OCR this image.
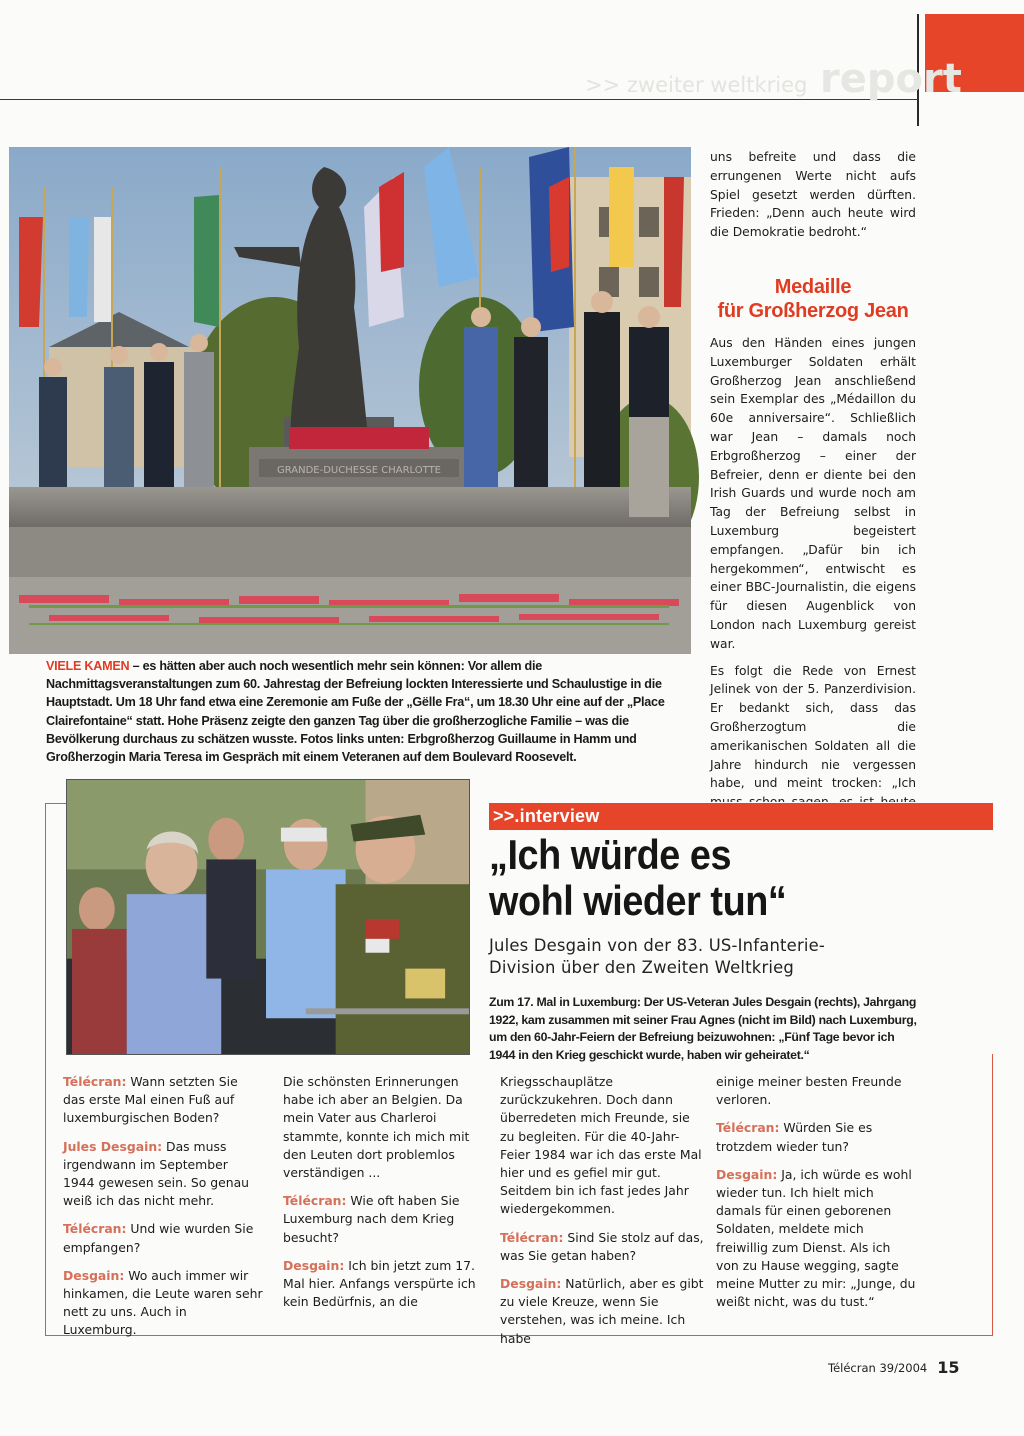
>> zweiter weltkrieg report
GRANDE-DUCHESSE CHARLOTTE

VIELE KAMEN – es hätten aber auch noch wesentlich mehr sein können: Vor allem die Nachmittagsveranstaltungen zum 60. Jahrestag der Befreiung lockten Interessierte und Schaulustige in die Hauptstadt. Um 18 Uhr fand etwa eine Zeremonie am Fuße der „Gëlle Fra“, um 18.30 Uhr eine auf der „Place Clairefontaine“ statt. Hohe Präsenz zeigte den ganzen Tag über die großherzogliche Familie – was die Bevölkerung durchaus zu schätzen wusste. Fotos links unten: Erbgroßherzog Guillaume in Hamm und Großherzogin Maria Teresa im Gespräch mit einem Veteranen auf dem Boulevard Roosevelt.

uns befreite und dass die errungenen Werte nicht aufs Spiel gesetzt werden dürften. Frieden: „Denn auch heute wird die Demokratie bedroht.“

Medaille
für Großherzog Jean

Aus den Händen eines jungen Luxemburger Soldaten erhält Großherzog Jean anschließend sein Exemplar des „Médaillon du 60e anniversaire“. Schließlich war Jean – damals noch Erbgroßherzog – einer der Befreier, denn er diente bei den Irish Guards und wurde noch am Tag der Befreiung selbst in Luxemburg begeistert empfangen. „Dafür bin ich hergekommen“, entwischt es einer BBC-Journalistin, die eigens für diesen Augenblick von London nach Luxemburg gereist war.

Es folgt die Rede von Ernest Jelinek von der 5. Panzerdivision. Er bedankt sich, dass das Großherzogtum die amerikanischen Soldaten all die Jahre hindurch nie vergessen habe, und meint trocken: „Ich

>>.interview
„Ich würde es
wohl wieder tun“
Jules Desgain von der 83. US-Infanterie-
Division über den Zweiten Weltkrieg

Zum 17. Mal in Luxemburg: Der US-Veteran Jules Desgain (rechts), Jahrgang 1922, kam zusammen mit seiner Frau Agnes (nicht im Bild) nach Luxemburg, um den 60-Jahr-Feiern der Befreiung beizuwohnen: „Fünf Tage bevor ich 1944 in den Krieg geschickt wurde, haben wir geheiratet.“

Télécran: Wann setzten Sie das erste Mal einen Fuß auf luxemburgischen Boden?

Jules Desgain: Das muss irgendwann im September 1944 gewesen sein. So genau weiß ich das nicht mehr.

Télécran: Und wie wurden Sie empfangen?

Desgain: Wo auch immer wir hinkamen, die Leute waren sehr nett zu uns. Auch in Luxemburg.

Die schönsten Erinnerungen habe ich aber an Belgien. Da mein Vater aus Charleroi stammte, konnte ich mich mit den Leuten dort problemlos verständigen ...

Télécran: Wie oft haben Sie Luxemburg nach dem Krieg besucht?

Desgain: Ich bin jetzt zum 17. Mal hier. Anfangs verspürte ich kein Bedürfnis, an die

Kriegsschauplätze zurückzukehren. Doch dann überredeten mich Freunde, sie zu begleiten. Für die 40-Jahr-Feier 1984 war ich das erste Mal hier und es gefiel mir gut. Seitdem bin ich fast jedes Jahr wiedergekommen.

Télécran: Sind Sie stolz auf das, was Sie getan haben?

Desgain: Natürlich, aber es gibt zu viele Kreuze, wenn Sie verstehen, was ich meine. Ich habe

einige meiner besten Freunde verloren.

Télécran: Würden Sie es trotzdem wieder tun?

Desgain: Ja, ich würde es wohl wieder tun. Ich hielt mich damals für einen geborenen Soldaten, meldete mich freiwillig zum Dienst. Als ich von zu Hause wegging, sagte meine Mutter zu mir: „Junge, du weißt nicht, was du tust.“

Télécran 39/2004 15
